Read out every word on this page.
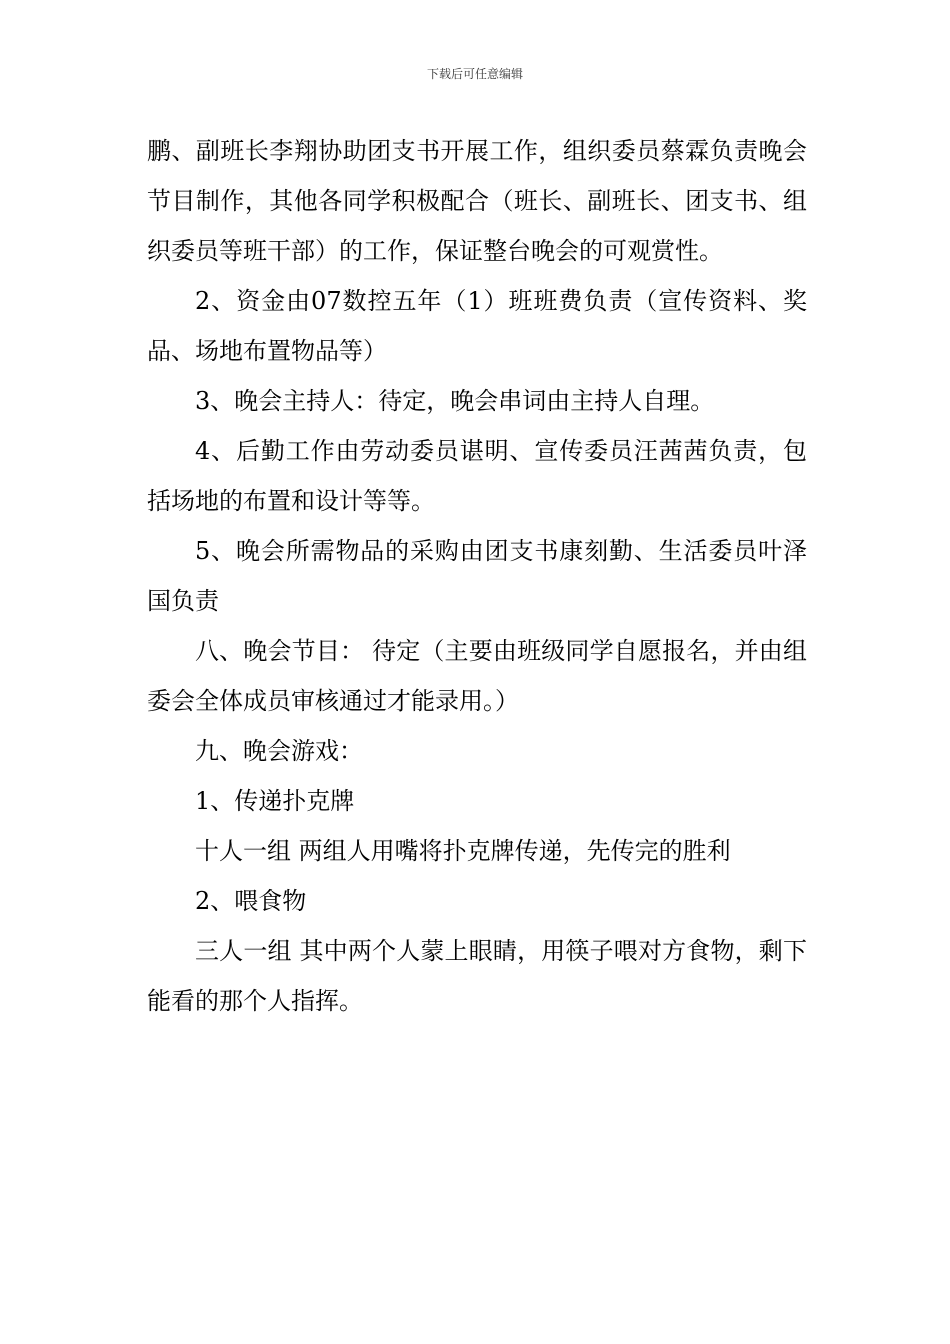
下载后可任意编辑

鹏、副班长李翔协助团支书开展工作，组织委员蔡霖负责晚会节目制作，其他各同学积极配合（班长、副班长、团支书、组织委员等班干部）的工作，保证整台晚会的可观赏性。

2、资金由07数控五年（1）班班费负责（宣传资料、奖品、场地布置物品等）

3、晚会主持人：待定，晚会串词由主持人自理。

4、后勤工作由劳动委员谌明、宣传委员汪茜茜负责，包括场地的布置和设计等等。

5、晚会所需物品的采购由团支书康刻勤、生活委员叶泽国负责

八、晚会节目： 待定（主要由班级同学自愿报名，并由组委会全体成员审核通过才能录用。）

九、晚会游戏：

1、传递扑克牌

十人一组 两组人用嘴将扑克牌传递，先传完的胜利

2、喂食物

三人一组 其中两个人蒙上眼睛，用筷子喂对方食物，剩下能看的那个人指挥。
